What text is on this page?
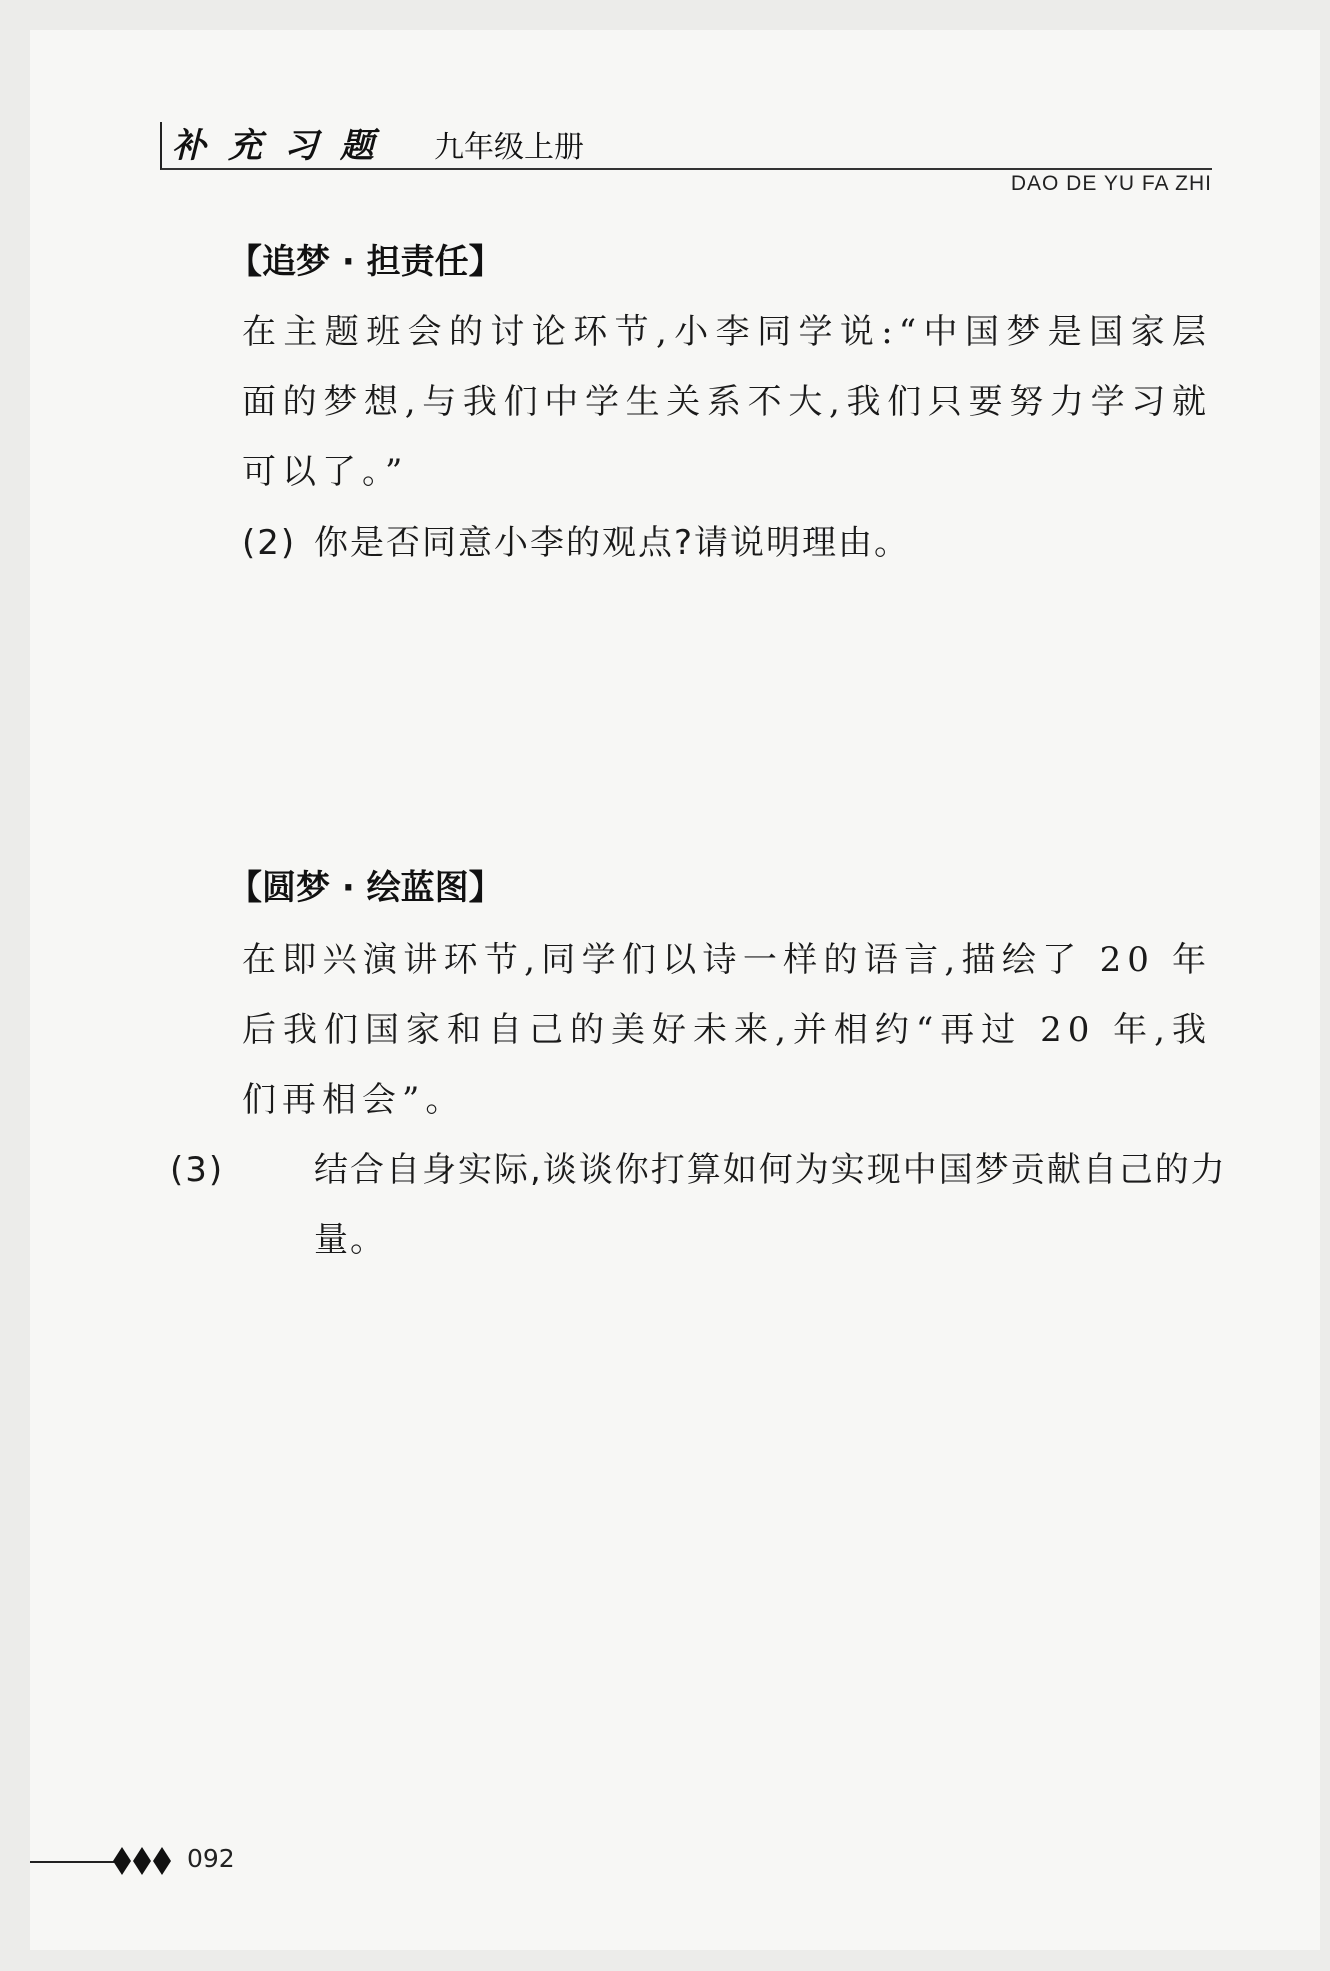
补充习题 九年级上册
DAO DE YU FA ZHI
【追梦 · 担责任】
在主题班会的讨论环节,小李同学说:“中国梦是国家层面的梦想,与我们中学生关系不大,我们只要努力学习就可以了。”
(2) 你是否同意小李的观点?请说明理由。
【圆梦 · 绘蓝图】
在即兴演讲环节,同学们以诗一样的语言,描绘了 20 年后我们国家和自己的美好未来,并相约“再过 20 年,我们再相会”。
(3)	结合自身实际,谈谈你打算如何为实现中国梦贡献自己的力量。
092
